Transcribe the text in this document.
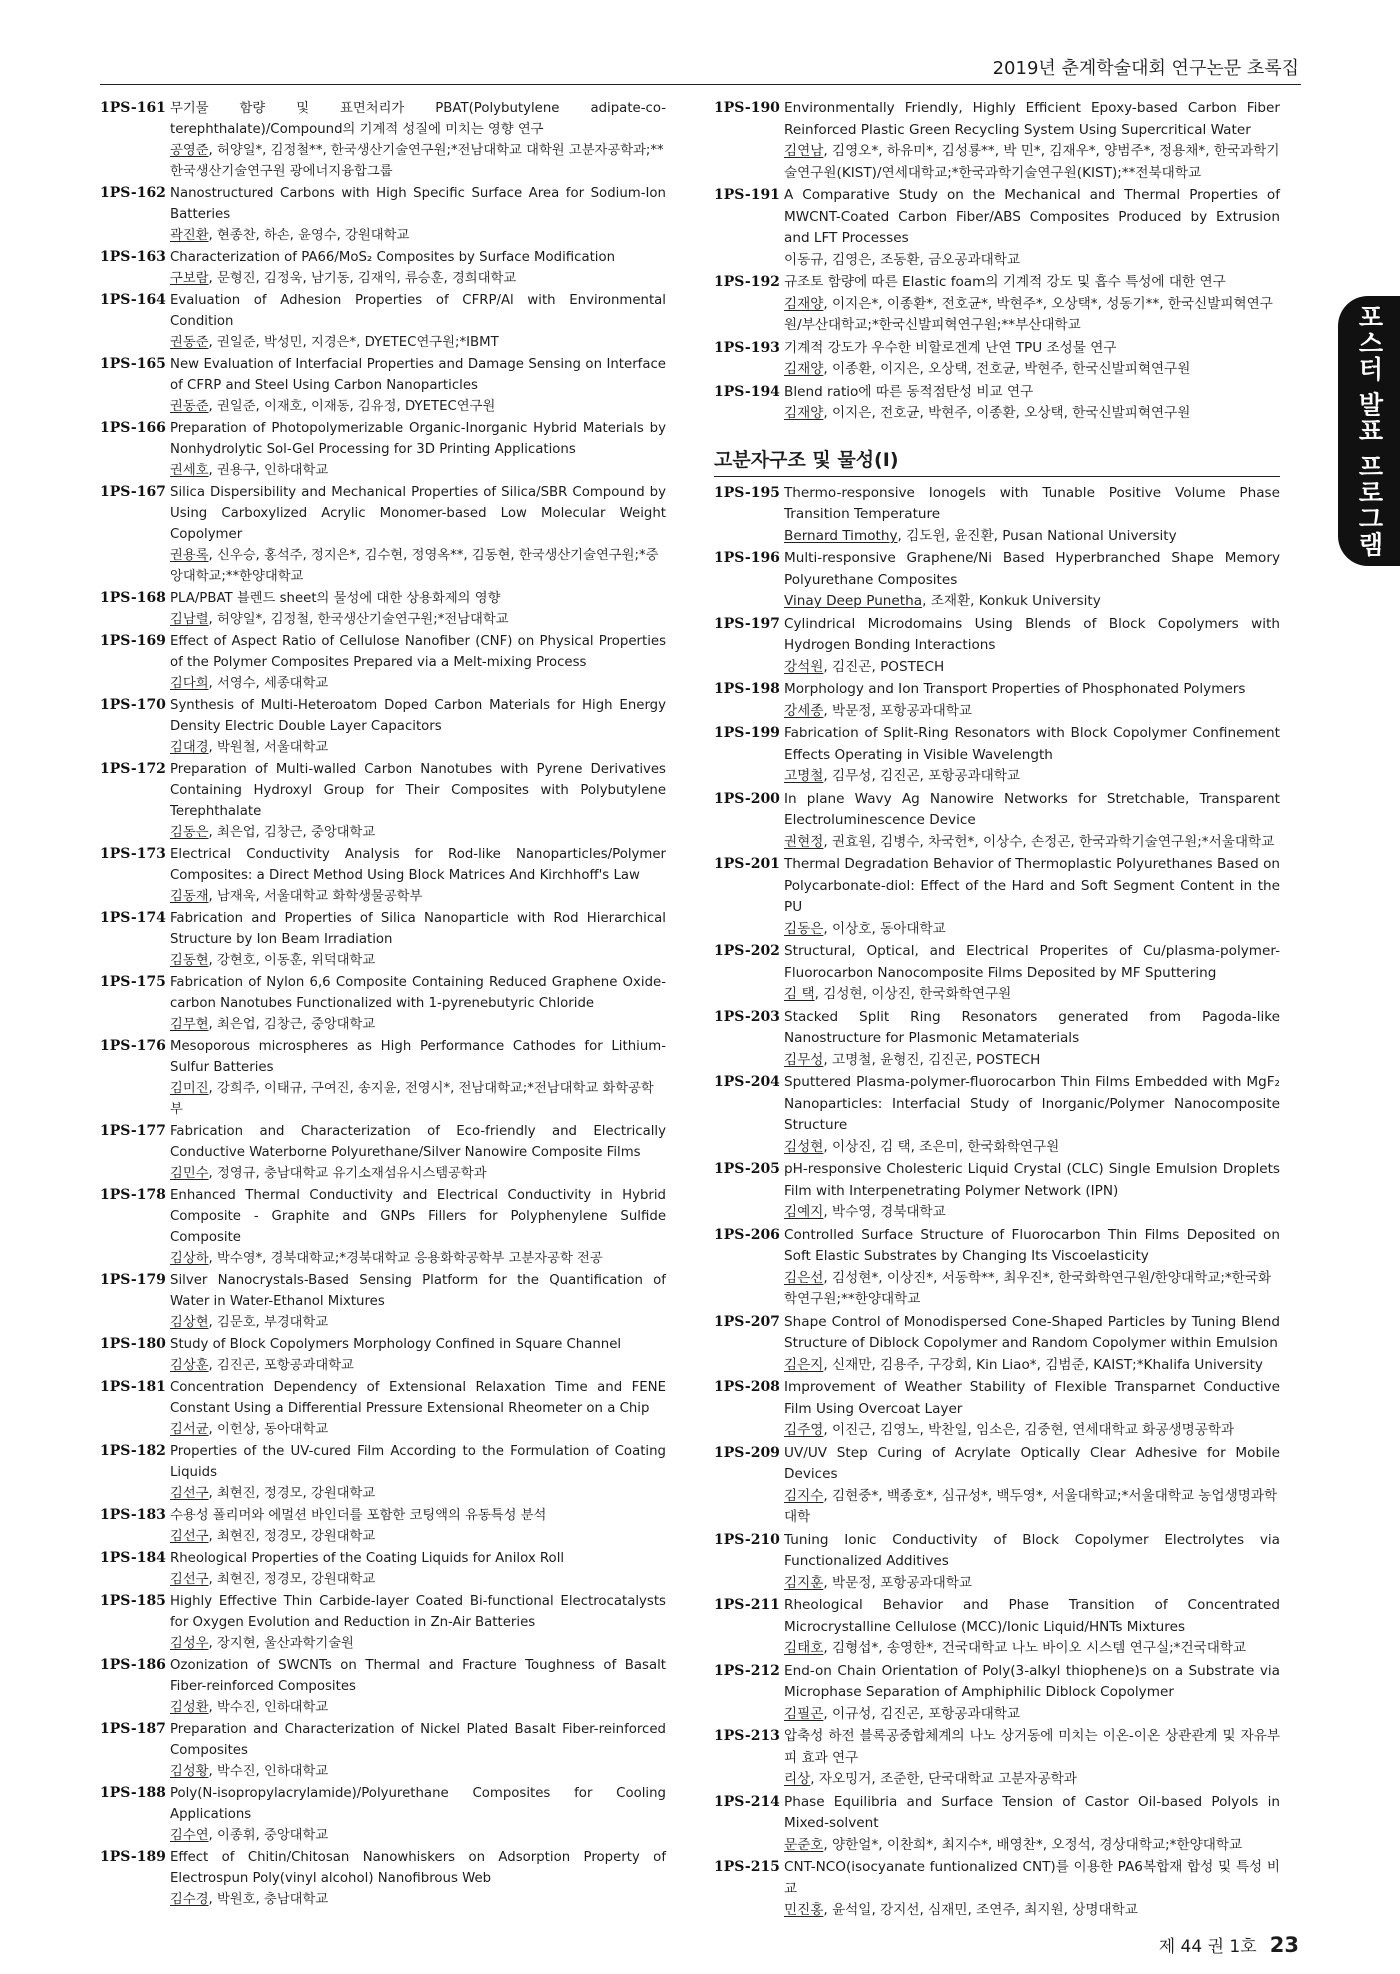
2019년 춘계학술대회 연구논문 초록집
포스터 발표 프로그램
1PS-161 무기물 함량 및 표면처리가 PBAT(Polybutylene adipate-co-terephthalate)/Compound의 기계적 성질에 미치는 영향 연구
공영준, 허양일*, 김정철**, 한국생산기술연구원;*전남대학교 대학원 고분자공학과;**한국생산기술연구원 광에너지융합그룹
1PS-162 Nanostructured Carbons with High Specific Surface Area for Sodium-Ion Batteries
곽진환, 현종찬, 하손, 윤영수, 강원대학교
1PS-163 Characterization of PA66/MoS₂ Composites by Surface Modification
구보람, 문형진, 김정욱, 남기동, 김재익, 류승훈, 경희대학교
1PS-164 Evaluation of Adhesion Properties of CFRP/Al with Environmental Condition
권동준, 권일준, 박성민, 지경은*, DYETEC연구원;*IBMT
1PS-165 New Evaluation of Interfacial Properties and Damage Sensing on Interface of CFRP and Steel Using Carbon Nanoparticles
권동준, 권일준, 이재호, 이재동, 김유정, DYETEC연구원
1PS-166 Preparation of Photopolymerizable Organic-Inorganic Hybrid Materials by Nonhydrolytic Sol-Gel Processing for 3D Printing Applications
권세호, 권용구, 인하대학교
1PS-167 Silica Dispersibility and Mechanical Properties of Silica/SBR Compound by Using Carboxylized Acrylic Monomer-based Low Molecular Weight Copolymer
권용록, 신우승, 홍석주, 정지은*, 김수현, 정영옥**, 김동현, 한국생산기술연구원;*중앙대학교;**한양대학교
1PS-168 PLA/PBAT 블렌드 sheet의 물성에 대한 상용화제의 영향
김남렬, 허양일*, 김정철, 한국생산기술연구원;*전남대학교
1PS-169 Effect of Aspect Ratio of Cellulose Nanofiber (CNF) on Physical Properties of the Polymer Composites Prepared via a Melt-mixing Process
김다희, 서영수, 세종대학교
1PS-170 Synthesis of Multi-Heteroatom Doped Carbon Materials for High Energy Density Electric Double Layer Capacitors
김대경, 박원철, 서울대학교
1PS-172 Preparation of Multi-walled Carbon Nanotubes with Pyrene Derivatives Containing Hydroxyl Group for Their Composites with Polybutylene Terephthalate
김동은, 최은업, 김창근, 중앙대학교
1PS-173 Electrical Conductivity Analysis for Rod-like Nanoparticles/Polymer Composites: a Direct Method Using Block Matrices And Kirchhoff's Law
김동재, 남재욱, 서울대학교 화학생물공학부
1PS-174 Fabrication and Properties of Silica Nanoparticle with Rod Hierarchical Structure by Ion Beam Irradiation
김동현, 강현호, 이동훈, 위덕대학교
1PS-175 Fabrication of Nylon 6,6 Composite Containing Reduced Graphene Oxide-carbon Nanotubes Functionalized with 1-pyrenebutyric Chloride
김무현, 최은업, 김창근, 중앙대학교
1PS-176 Mesoporous microspheres as High Performance Cathodes for Lithium- Sulfur Batteries
김미진, 강희주, 이태규, 구여진, 송지윤, 전영시*, 전남대학교;*전남대학교 화학공학부
1PS-177 Fabrication and Characterization of Eco-friendly and Electrically Conductive Waterborne Polyurethane/Silver Nanowire Composite Films
김민수, 정영규, 충남대학교 유기소재섬유시스템공학과
1PS-178 Enhanced Thermal Conductivity and Electrical Conductivity in Hybrid Composite - Graphite and GNPs Fillers for Polyphenylene Sulfide Composite
김상하, 박수영*, 경북대학교;*경북대학교 응용화학공학부 고분자공학 전공
1PS-179 Silver Nanocrystals-Based Sensing Platform for the Quantification of Water in Water-Ethanol Mixtures
김상현, 김문호, 부경대학교
1PS-180 Study of Block Copolymers Morphology Confined in Square Channel
김상훈, 김진곤, 포항공과대학교
1PS-181 Concentration Dependency of Extensional Relaxation Time and FENE Constant Using a Differential Pressure Extensional Rheometer on a Chip
김서균, 이헌상, 동아대학교
1PS-182 Properties of the UV-cured Film According to the Formulation of Coating Liquids
김선구, 최현진, 정경모, 강원대학교
1PS-183 수용성 폴리머와 에멀션 바인더를 포함한 코팅액의 유동특성 분석
김선구, 최현진, 정경모, 강원대학교
1PS-184 Rheological Properties of the Coating Liquids for Anilox Roll
김선구, 최현진, 정경모, 강원대학교
1PS-185 Highly Effective Thin Carbide-layer Coated Bi-functional Electrocatalysts for Oxygen Evolution and Reduction in Zn-Air Batteries
김성우, 장지현, 울산과학기술원
1PS-186 Ozonization of SWCNTs on Thermal and Fracture Toughness of Basalt Fiber-reinforced Composites
김성환, 박수진, 인하대학교
1PS-187 Preparation and Characterization of Nickel Plated Basalt Fiber-reinforced Composites
김성황, 박수진, 인하대학교
1PS-188 Poly(N-isopropylacrylamide)/Polyurethane Composites for Cooling Applications
김수연, 이종휘, 중앙대학교
1PS-189 Effect of Chitin/Chitosan Nanowhiskers on Adsorption Property of Electrospun Poly(vinyl alcohol) Nanofibrous Web
김수경, 박원호, 충남대학교
1PS-190 Environmentally Friendly, Highly Efficient Epoxy-based Carbon Fiber Reinforced Plastic Green Recycling System Using Supercritical Water
김연남, 김영오*, 하유미*, 김성룡**, 박 민*, 김재우*, 양범주*, 정용채*, 한국과학기술연구원(KIST)/연세대학교;*한국과학기술연구원(KIST);**전북대학교
1PS-191 A Comparative Study on the Mechanical and Thermal Properties of MWCNT-Coated Carbon Fiber/ABS Composites Produced by Extrusion and LFT Processes
이동규, 김영은, 조동환, 금오공과대학교
1PS-192 규조토 함량에 따른 Elastic foam의 기계적 강도 및 흡수 특성에 대한 연구
김재양, 이지은*, 이종환*, 전호균*, 박현주*, 오상택*, 성동기**, 한국신발피혁연구원/부산대학교;*한국신발피혁연구원;**부산대학교
1PS-193 기계적 강도가 우수한 비할로겐계 난연 TPU 조성물 연구
김재양, 이종환, 이지은, 오상택, 전호균, 박현주, 한국신발피혁연구원
1PS-194 Blend ratio에 따른 동적점탄성 비교 연구
김재양, 이지은, 전호균, 박현주, 이종환, 오상택, 한국신발피혁연구원
고분자구조 및 물성(I)
1PS-195 Thermo-responsive Ionogels with Tunable Positive Volume Phase Transition Temperature
Bernard Timothy, 김도윈, 윤진환, Pusan National University
1PS-196 Multi-responsive Graphene/Ni Based Hyperbranched Shape Memory Polyurethane Composites
Vinay Deep Punetha, 조재환, Konkuk University
1PS-197 Cylindrical Microdomains Using Blends of Block Copolymers with Hydrogen Bonding Interactions
강석원, 김진곤, POSTECH
1PS-198 Morphology and Ion Transport Properties of Phosphonated Polymers
강세종, 박문정, 포항공과대학교
1PS-199 Fabrication of Split-Ring Resonators with Block Copolymer Confinement Effects Operating in Visible Wavelength
고명철, 김무성, 김진곤, 포항공과대학교
1PS-200 In plane Wavy Ag Nanowire Networks for Stretchable, Transparent Electroluminescence Device
권현정, 권효원, 김병수, 차국헌*, 이상수, 손정곤, 한국과학기술연구원;*서울대학교
1PS-201 Thermal Degradation Behavior of Thermoplastic Polyurethanes Based on Polycarbonate-diol: Effect of the Hard and Soft Segment Content in the PU
김동은, 이상호, 동아대학교
1PS-202 Structural, Optical, and Electrical Properites of Cu/plasma-polymer- Fluorocarbon Nanocomposite Films Deposited by MF Sputtering
김 택, 김성현, 이상진, 한국화학연구원
1PS-203 Stacked Split Ring Resonators generated from Pagoda-like Nanostructure for Plasmonic Metamaterials
김무성, 고명철, 윤형진, 김진곤, POSTECH
1PS-204 Sputtered Plasma-polymer-fluorocarbon Thin Films Embedded with MgF₂ Nanoparticles: Interfacial Study of Inorganic/Polymer Nanocomposite Structure
김성현, 이상진, 김 택, 조은미, 한국화학연구원
1PS-205 pH-responsive Cholesteric Liquid Crystal (CLC) Single Emulsion Droplets Film with Interpenetrating Polymer Network (IPN)
김예지, 박수영, 경북대학교
1PS-206 Controlled Surface Structure of Fluorocarbon Thin Films Deposited on Soft Elastic Substrates by Changing Its Viscoelasticity
김은선, 김성현*, 이상진*, 서동학**, 최우진*, 한국화학연구원/한양대학교;*한국화학연구원;**한양대학교
1PS-207 Shape Control of Monodispersed Cone-Shaped Particles by Tuning Blend Structure of Diblock Copolymer and Random Copolymer within Emulsion
김은지, 신재만, 김용주, 구강회, Kin Liao*, 김범준, KAIST;*Khalifa University
1PS-208 Improvement of Weather Stability of Flexible Transparnet Conductive Film Using Overcoat Layer
김주영, 이진근, 김영노, 박찬일, 임소은, 김중현, 연세대학교 화공생명공학과
1PS-209 UV/UV Step Curing of Acrylate Optically Clear Adhesive for Mobile Devices
김지수, 김현중*, 백종호*, 심규성*, 백두영*, 서울대학교;*서울대학교 농업생명과학대학
1PS-210 Tuning Ionic Conductivity of Block Copolymer Electrolytes via Functionalized Additives
김지훈, 박문정, 포항공과대학교
1PS-211 Rheological Behavior and Phase Transition of Concentrated Microcrystalline Cellulose (MCC)/Ionic Liquid/HNTs Mixtures
김태호, 김형섭*, 송영한*, 건국대학교 나노 바이오 시스템 연구실;*건국대학교
1PS-212 End-on Chain Orientation of Poly(3-alkyl thiophene)s on a Substrate via Microphase Separation of Amphiphilic Diblock Copolymer
김필곤, 이규성, 김진곤, 포항공과대학교
1PS-213 압축성 하전 블록공중합체계의 나노 상거동에 미치는 이온-이온 상관관계 및 자유부피 효과 연구
리상, 자오밍거, 조준한, 단국대학교 고분자공학과
1PS-214 Phase Equilibria and Surface Tension of Castor Oil-based Polyols in Mixed-solvent
문준호, 양한얼*, 이찬희*, 최지수*, 배영찬*, 오정석, 경상대학교;*한양대학교
1PS-215 CNT-NCO(isocyanate funtionalized CNT)를 이용한 PA6복합재 합성 및 특성 비교
민진홍, 윤석일, 강지선, 심재민, 조연주, 최지원, 상명대학교
제 44 권 1호 23
